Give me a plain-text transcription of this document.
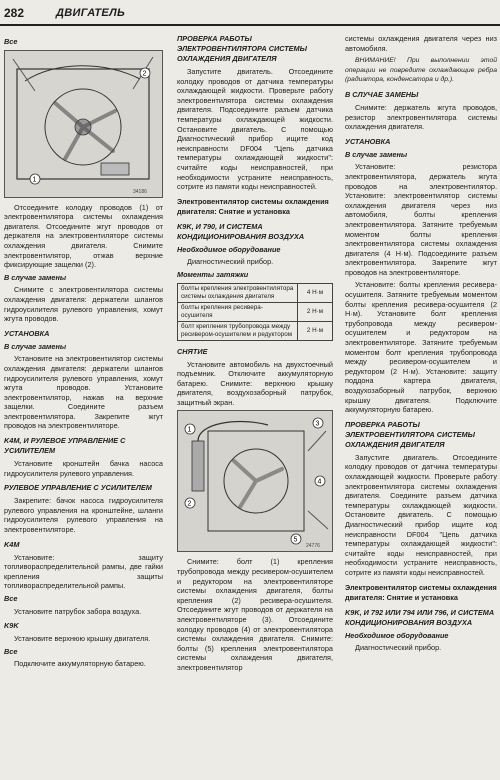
282	ДВИГАТЕЛЬ
Все
1
2
34186

Отсоедините колодку проводов (1) от электровентилятора системы охлаждения двигателя. Отсоедините жгут проводов от держателя на электровентиляторе системы охлаждения двигателя. Снимите электровентилятор, отжав верхние фиксирующие защелки (2).

В случае замены

Снимите с электровентилятора системы охлаждения двигателя: держатели шлангов гидроусилителя рулевого управления, хомут жгута проводов.

УСТАНОВКА
В случае замены

Установите на электровентилятор системы охлаждения двигателя: держатели шлангов гидроусилителя рулевого управления, хомут жгута проводов. Установите электровентилятор, нажав на верхние защелки. Соедините разъем электровентилятора. Закрепите жгут проводов на электровентиляторе.

K4M, И РУЛЕВОЕ УПРАВЛЕНИЕ С УСИЛИТЕЛЕМ

Установите кронштейн бачка насоса гидроусилителя рулевого управления.

РУЛЕВОЕ УПРАВЛЕНИЕ С УСИЛИТЕЛЕМ

Закрепите: бачок насоса гидроусилителя рулевого управления на кронштейне, шланги гидроусилителя рулевого управления на электровентиляторе.

K4M

Установите: защиту топливораспределительной рампы, две гайки крепления защиты топливораспределительной рампы.

Все

Установите патрубок забора воздуха.

K9K

Установите верхнюю крышку двигателя.

Все

Подключите аккумуляторную батарею.

ПРОВЕРКА РАБОТЫ ЭЛЕКТРОВЕНТИЛЯТОРА СИСТЕМЫ ОХЛАЖДЕНИЯ ДВИГАТЕЛЯ

Запустите двигатель. Отсоедините колодку проводов от датчика температуры охлаждающей жидкости. Проверьте работу электровентилятора системы охлаждения двигателя. Подсоедините разъем датчика температуры охлаждающей жидкости. Остановите двигатель. С помощью Диагностический прибор ищите код неисправности DF004 "Цепь датчика температуры охлаждающей жидкости": считайте коды неисправностей, при необходимости устраните неисправность, сотрите из памяти коды неисправностей.

Электровентилятор системы охлаждения двигателя: Снятие и установка
K9K, И 790, И СИСТЕМА КОНДИЦИОНИРОВАНИЯ ВОЗДУХА
Необходимое оборудование

Диагностический прибор.

Моменты затяжки
болты крепления электровентилятора системы охлаждения двигателя	4 Н·м
болты крепления ресивера-осушителя	2 Н·м
болт крепления трубопровода между ресивером-осушителем и редуктором	2 Н·м
СНЯТИЕ

Установите автомобиль на двухстоечный подъемник. Отключите аккумуляторную батарею. Снимите: верхнюю крышку двигателя, воздухозаборный патрубок, защитный экран.

1
2
3
4
5
24776

Снимите: болт (1) крепления трубопровода между ресивером-осушителем и редуктором на электровентиляторе системы охлаждения двигателя, болты крепления (2) ресивера-осушителя. Отсоедините жгут проводов от держателя на электровентиляторе (3). Отсоедините колодку проводов (4) от электровентилятора системы охлаждения двигателя. Снимите: болты (5) крепления электровентилятора системы охлаждения двигателя, электровентилятор

системы охлаждения двигателя через низ автомобиля.

ВНИМАНИЕ! При выполнении этой операции не повредите охлаждающие ребра (радиатора, конденсатора и др.).

В СЛУЧАЕ ЗАМЕНЫ

Снимите: держатель жгута проводов, резистор электровентилятора системы охлаждения двигателя.

УСТАНОВКА
В случае замены

Установите: резистора электровентилятора, держатель жгута проводов на электровентилятор. Установите: электровентилятор системы охлаждения двигателя через низ автомобиля, болты крепления электровентилятора. Затяните требуемым моментом болты крепления электровентилятора системы охлаждения двигателя (4 Н·м). Подсоедините разъем электровентилятора. Закрепите жгут проводов на электровентиляторе.

Установите: болты крепления ресивера-осушителя. Затяните требуемым моментом болты крепления ресивера-осушителя (2 Н·м). Установите болт крепления трубопровода между ресивером-осушителем и редуктором на электровентиляторе. Затяните требуемым моментом болт крепления трубопровода между ресивером-осушителем и редуктором (2 Н·м). Установите: защиту поддона картера двигателя, воздухозаборный патрубок, верхнюю крышку двигателя. Подключите аккумуляторную батарею.

ПРОВЕРКА РАБОТЫ ЭЛЕКТРОВЕНТИЛЯТОРА СИСТЕМЫ ОХЛАЖДЕНИЯ ДВИГАТЕЛЯ

Запустите двигатель. Отсоедините колодку проводов от датчика температуры охлаждающей жидкости. Проверьте работу электровентилятора системы охлаждения двигателя. Соедините разъем датчика температуры охлаждающей жидкости. Остановите двигатель. С помощью Диагностический прибор ищите код неисправности DF004 "Цепь датчика температуры охлаждающей жидкости": считайте коды неисправностей, при необходимости устраните неисправность, сотрите из памяти коды неисправностей.

Электровентилятор системы охлаждения двигателя: Снятие и установка
K9K, И 792 ИЛИ 794 ИЛИ 796, И СИСТЕМА КОНДИЦИОНИРОВАНИЯ ВОЗДУХА
Необходимое оборудование

Диагностический прибор.
